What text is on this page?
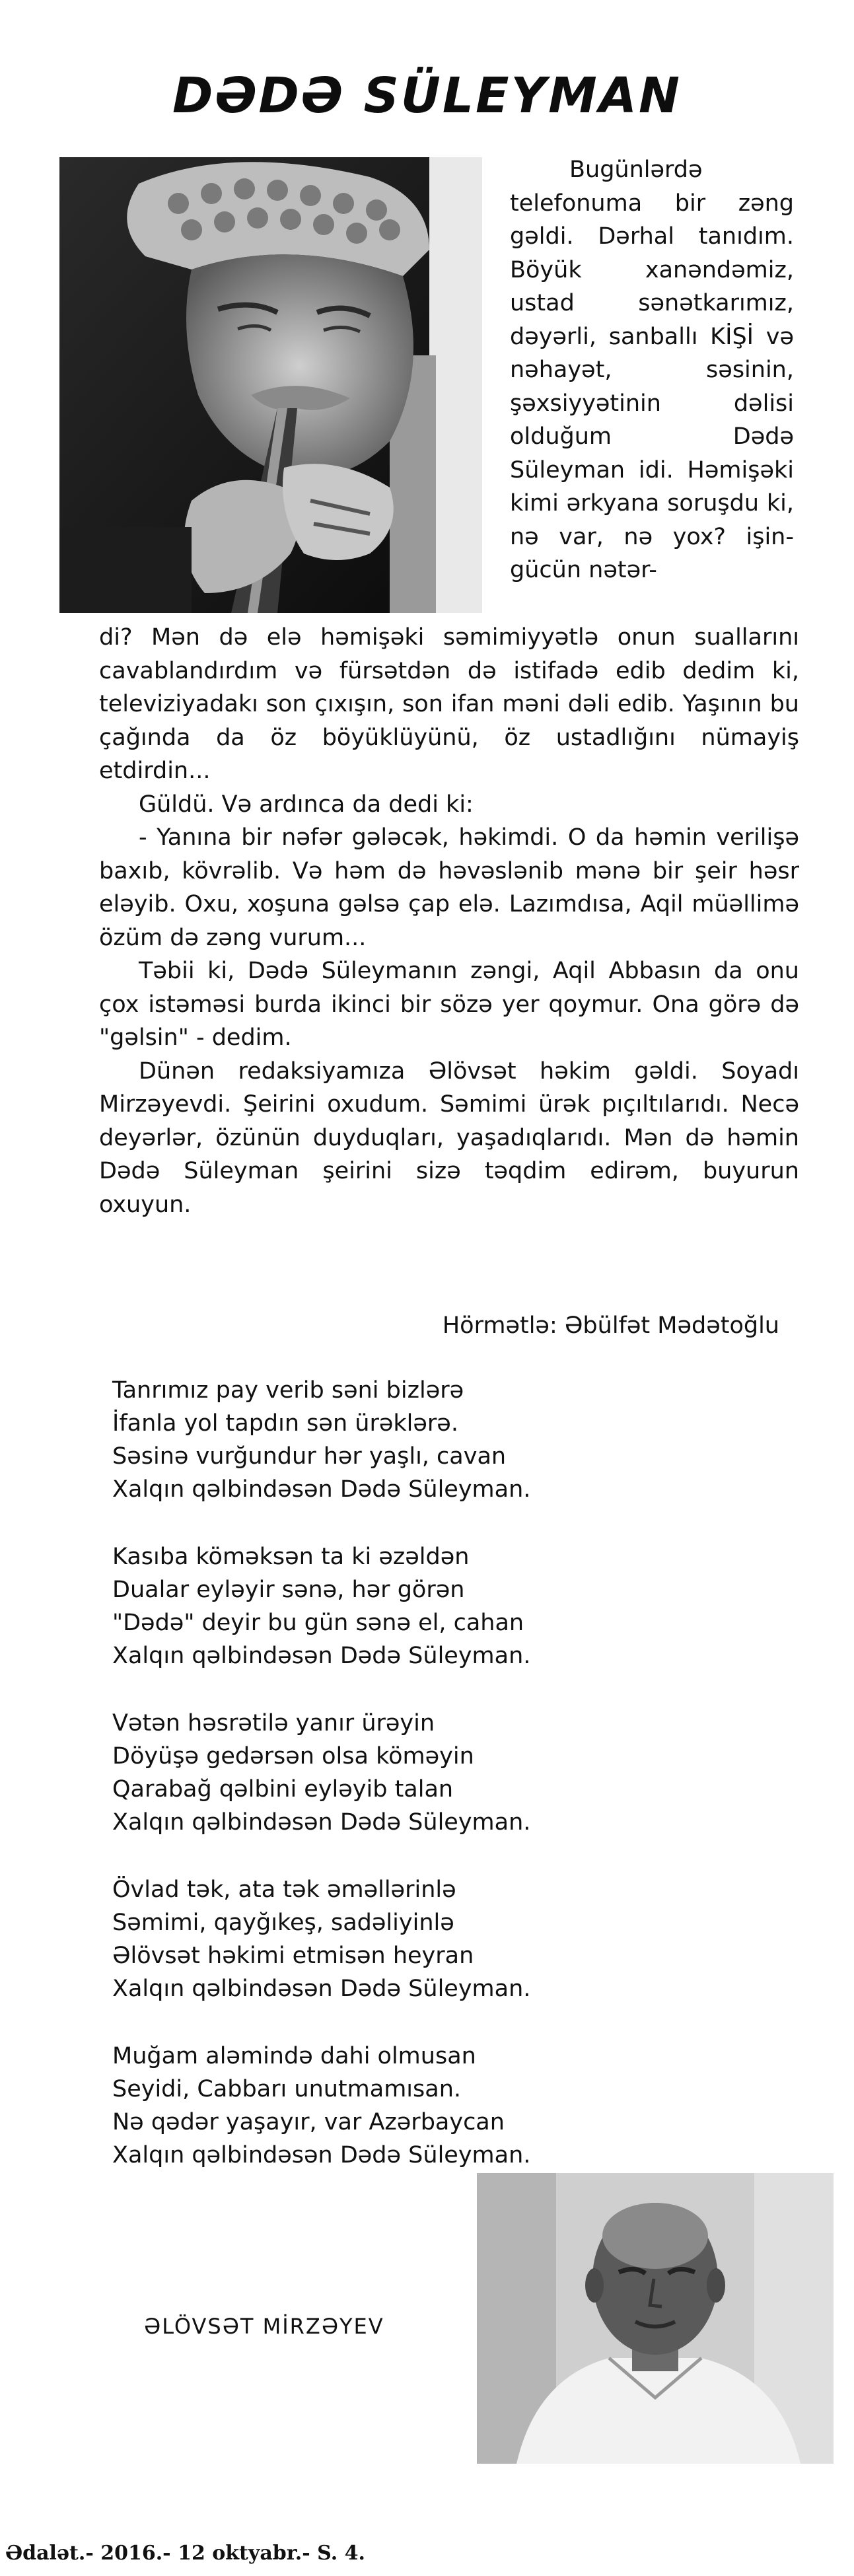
DƏDƏ SÜLEYMAN

Bugünlərdə telefonuma bir zəng gəldi. Dərhal tanıdım. Böyük xanəndəmiz, ustad sənətkarımız, dəyərli, sanballı KİŞİ və nəhayət, səsinin, şəxsiyyətinin dəlisi olduğum Dədə Süleyman idi. Həmişəki kimi ərkyana soruşdu ki, nə var, nə yox? işin-gücün nətər-

di? Mən də elə həmişəki səmimiyyətlə onun suallarını cavablandırdım və fürsətdən də istifadə edib dedim ki, televiziyadakı son çıxışın, son ifan məni dəli edib. Yaşının bu çağında da öz böyüklüyünü, öz ustadlığını nümayiş etdirdin...

Güldü. Və ardınca da dedi ki:

- Yanına bir nəfər gələcək, həkimdi. O da həmin verilişə baxıb, kövrəlib. Və həm də həvəslənib mənə bir şeir həsr eləyib. Oxu, xoşuna gəlsə çap elə. Lazımdısa, Aqil müəllimə özüm də zəng vurum...

Təbii ki, Dədə Süleymanın zəngi, Aqil Abbasın da onu çox istəməsi burda ikinci bir sözə yer qoymur. Ona görə də "gəlsin" - dedim.

Dünən redaksiyamıza Əlövsət həkim gəldi. Soyadı Mirzəyevdi. Şeirini oxudum. Səmimi ürək pıçıltılarıdı. Necə deyərlər, özünün duyduqları, yaşadıqlarıdı. Mən də həmin Dədə Süleyman şeirini sizə təqdim edirəm, buyurun oxuyun.

Hörmətlə: Əbülfət Mədətoğlu
Tanrımız pay verib səni bizlərə
İfanla yol tapdın sən ürəklərə.
Səsinə vurğundur hər yaşlı, cavan
Xalqın qəlbindəsən Dədə Süleyman.
Kasıba köməksən ta ki əzəldən
Dualar eyləyir sənə, hər görən
"Dədə" deyir bu gün sənə el, cahan
Xalqın qəlbindəsən Dədə Süleyman.
Vətən həsrətilə yanır ürəyin
Döyüşə gedərsən olsa köməyin
Qarabağ qəlbini eyləyib talan
Xalqın qəlbindəsən Dədə Süleyman.
Övlad tək, ata tək əməllərinlə
Səmimi, qayğıkeş, sadəliyinlə
Əlövsət həkimi etmisən heyran
Xalqın qəlbindəsən Dədə Süleyman.
Muğam aləmində dahi olmusan
Seyidi, Cabbarı unutmamısan.
Nə qədər yaşayır, var Azərbaycan
Xalqın qəlbindəsən Dədə Süleyman.
ƏLÖVSƏT MİRZƏYEV
Ədalət.- 2016.- 12 oktyabr.- S. 4.
